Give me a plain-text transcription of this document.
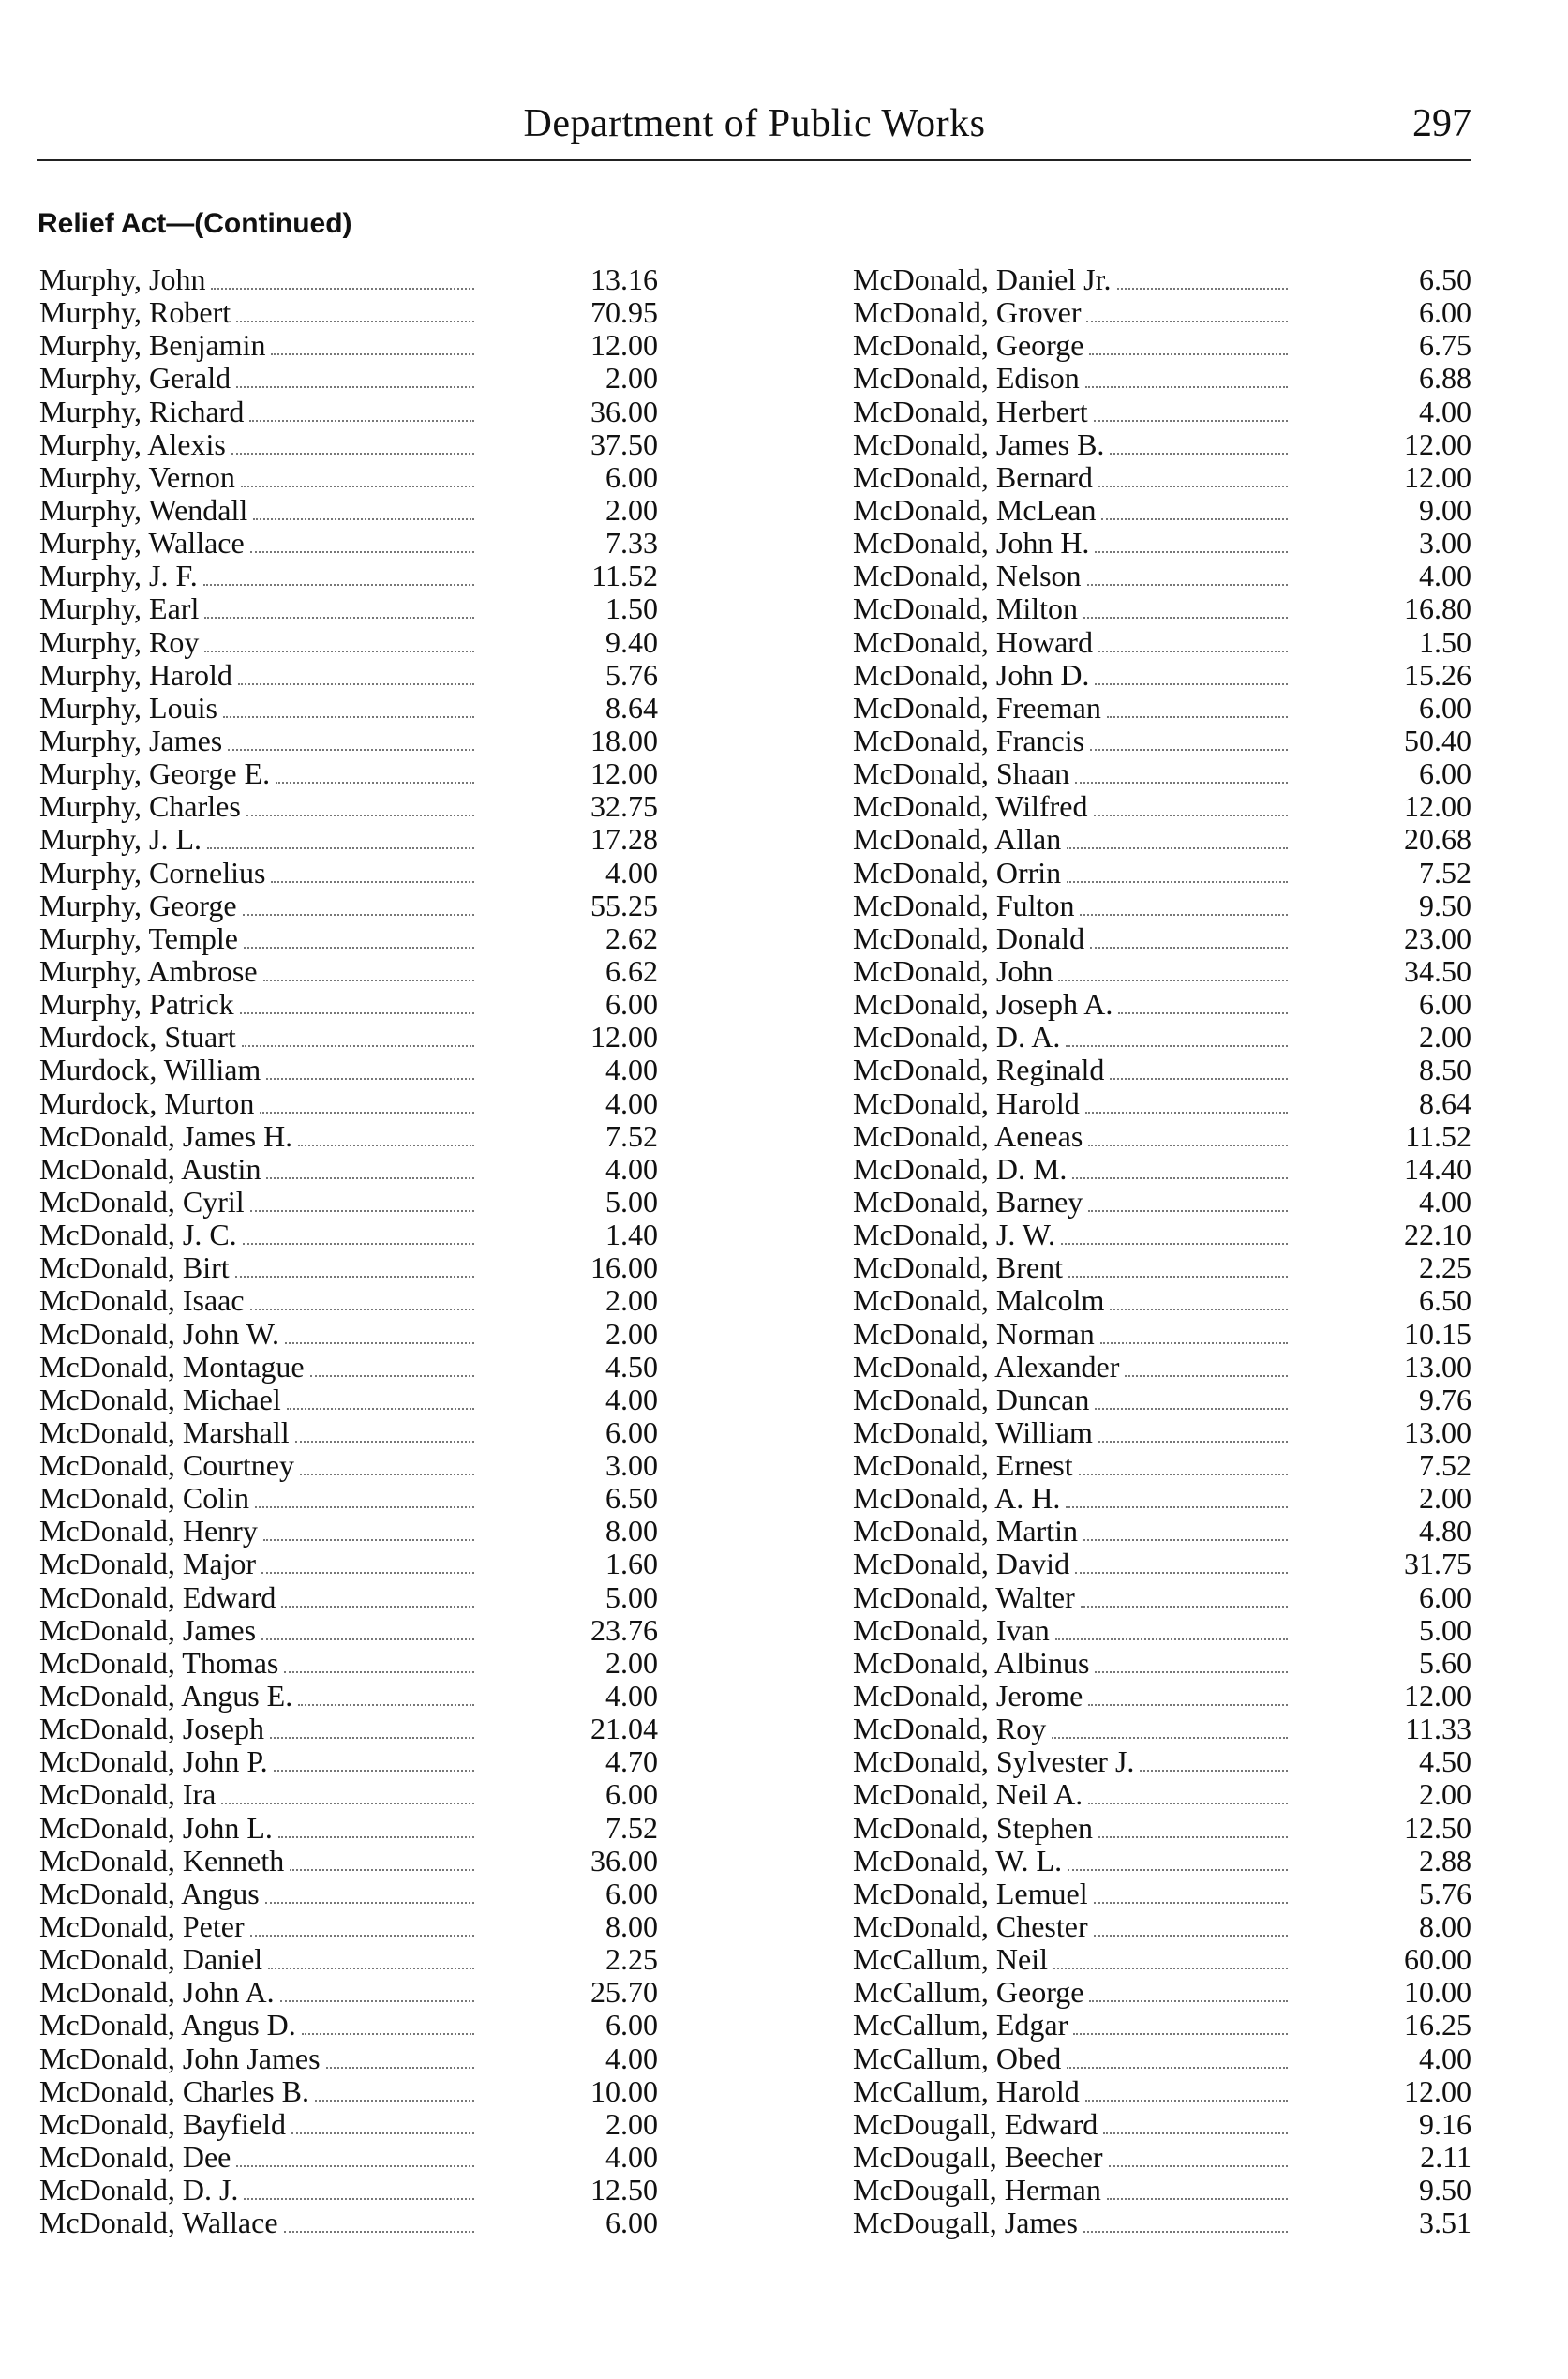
Department of Public Works	297
Relief Act—(Continued)
Murphy, John	13.16
Murphy, Robert	70.95
Murphy, Benjamin	12.00
Murphy, Gerald	2.00
Murphy, Richard	36.00
Murphy, Alexis	37.50
Murphy, Vernon	6.00
Murphy, Wendall	2.00
Murphy, Wallace	7.33
Murphy, J. F.	11.52
Murphy, Earl	1.50
Murphy, Roy	9.40
Murphy, Harold	5.76
Murphy, Louis	8.64
Murphy, James	18.00
Murphy, George E.	12.00
Murphy, Charles	32.75
Murphy, J. L.	17.28
Murphy, Cornelius	4.00
Murphy, George	55.25
Murphy, Temple	2.62
Murphy, Ambrose	6.62
Murphy, Patrick	6.00
Murdock, Stuart	12.00
Murdock, William	4.00
Murdock, Murton	4.00
McDonald, James H.	7.52
McDonald, Austin	4.00
McDonald, Cyril	5.00
McDonald, J. C.	1.40
McDonald, Birt	16.00
McDonald, Isaac	2.00
McDonald, John W.	2.00
McDonald, Montague	4.50
McDonald, Michael	4.00
McDonald, Marshall	6.00
McDonald, Courtney	3.00
McDonald, Colin	6.50
McDonald, Henry	8.00
McDonald, Major	1.60
McDonald, Edward	5.00
McDonald, James	23.76
McDonald, Thomas	2.00
McDonald, Angus E.	4.00
McDonald, Joseph	21.04
McDonald, John P.	4.70
McDonald, Ira	6.00
McDonald, John L.	7.52
McDonald, Kenneth	36.00
McDonald, Angus	6.00
McDonald, Peter	8.00
McDonald, Daniel	2.25
McDonald, John A.	25.70
McDonald, Angus D.	6.00
McDonald, John James	4.00
McDonald, Charles B.	10.00
McDonald, Bayfield	2.00
McDonald, Dee	4.00
McDonald, D. J.	12.50
McDonald, Wallace	6.00
McDonald, Daniel Jr.	6.50
McDonald, Grover	6.00
McDonald, George	6.75
McDonald, Edison	6.88
McDonald, Herbert	4.00
McDonald, James B.	12.00
McDonald, Bernard	12.00
McDonald, McLean	9.00
McDonald, John H.	3.00
McDonald, Nelson	4.00
McDonald, Milton	16.80
McDonald, Howard	1.50
McDonald, John D.	15.26
McDonald, Freeman	6.00
McDonald, Francis	50.40
McDonald, Shaan	6.00
McDonald, Wilfred	12.00
McDonald, Allan	20.68
McDonald, Orrin	7.52
McDonald, Fulton	9.50
McDonald, Donald	23.00
McDonald, John	34.50
McDonald, Joseph A.	6.00
McDonald, D. A.	2.00
McDonald, Reginald	8.50
McDonald, Harold	8.64
McDonald, Aeneas	11.52
McDonald, D. M.	14.40
McDonald, Barney	4.00
McDonald, J. W.	22.10
McDonald, Brent	2.25
McDonald, Malcolm	6.50
McDonald, Norman	10.15
McDonald, Alexander	13.00
McDonald, Duncan	9.76
McDonald, William	13.00
McDonald, Ernest	7.52
McDonald, A. H.	2.00
McDonald, Martin	4.80
McDonald, David	31.75
McDonald, Walter	6.00
McDonald, Ivan	5.00
McDonald, Albinus	5.60
McDonald, Jerome	12.00
McDonald, Roy	11.33
McDonald, Sylvester J.	4.50
McDonald, Neil A.	2.00
McDonald, Stephen	12.50
McDonald, W. L.	2.88
McDonald, Lemuel	5.76
McDonald, Chester	8.00
McCallum, Neil	60.00
McCallum, George	10.00
McCallum, Edgar	16.25
McCallum, Obed	4.00
McCallum, Harold	12.00
McDougall, Edward	9.16
McDougall, Beecher	2.11
McDougall, Herman	9.50
McDougall, James	3.51
